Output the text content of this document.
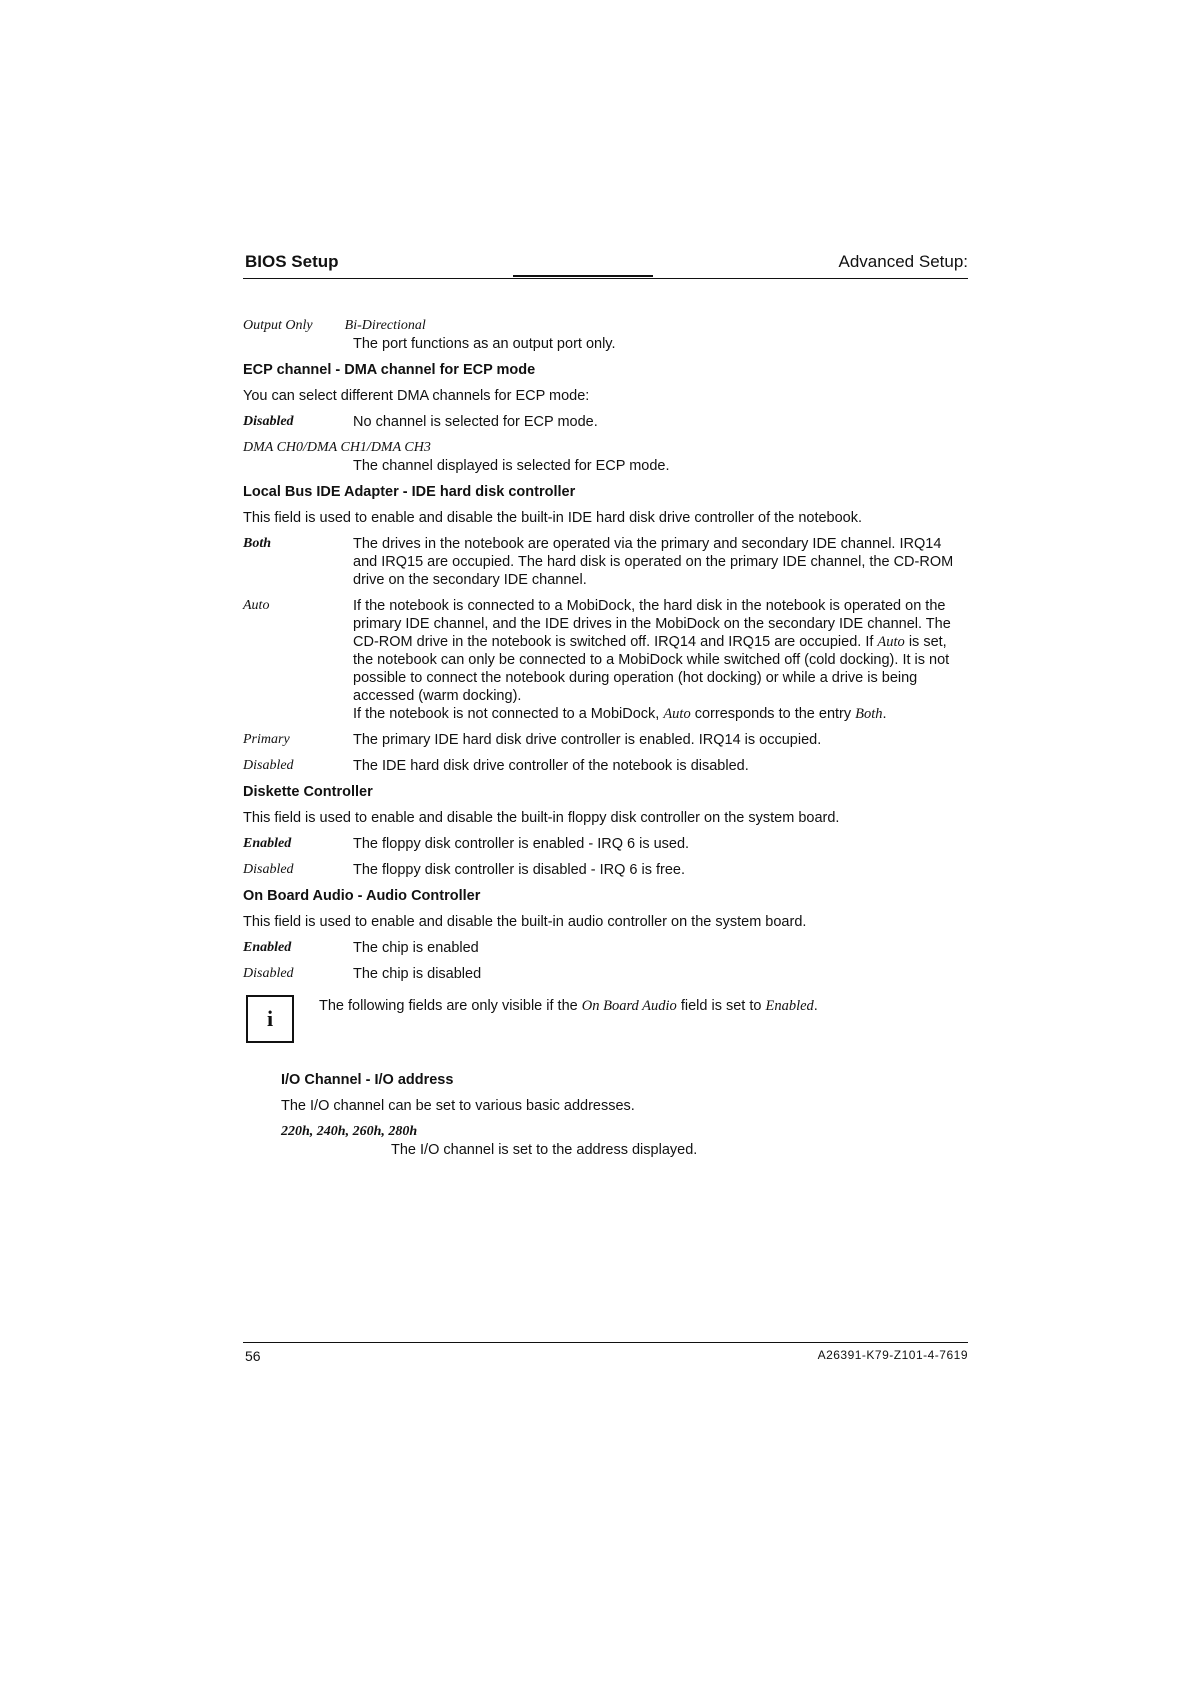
BIOS Setup	Advanced Setup:
Output Only Bi-Directional
The port functions as an output port only.
ECP channel - DMA channel for ECP mode
You can select different DMA channels for ECP mode:
Disabled	No channel is selected for ECP mode.
DMA CH0/DMA CH1/DMA CH3
The channel displayed is selected for ECP mode.
Local Bus IDE Adapter - IDE hard disk controller
This field is used to enable and disable the built-in IDE hard disk drive controller of the notebook.
Both	The drives in the notebook are operated via the primary and secondary IDE channel. IRQ14 and IRQ15 are occupied. The hard disk is operated on the primary IDE channel, the CD-ROM drive on the secondary IDE channel.
Auto	If the notebook is connected to a MobiDock, the hard disk in the notebook is operated on the primary IDE channel, and the IDE drives in the MobiDock on the secondary IDE channel. The CD-ROM drive in the notebook is switched off. IRQ14 and IRQ15 are occupied. If Auto is set, the notebook can only be connected to a MobiDock while switched off (cold docking). It is not possible to connect the notebook during operation (hot docking) or while a drive is being accessed (warm docking).
If the notebook is not connected to a MobiDock, Auto corresponds to the entry Both.
Primary	The primary IDE hard disk drive controller is enabled. IRQ14 is occupied.
Disabled	The IDE hard disk drive controller of the notebook is disabled.
Diskette Controller
This field is used to enable and disable the built-in floppy disk controller on the system board.
Enabled	The floppy disk controller is enabled - IRQ 6 is used.
Disabled	The floppy disk controller is disabled - IRQ 6 is free.
On Board Audio - Audio Controller
This field is used to enable and disable the built-in audio controller on the system board.
Enabled	The chip is enabled
Disabled	The chip is disabled
i	The following fields are only visible if the On Board Audio field is set to Enabled.
I/O Channel - I/O address
The I/O channel can be set to various basic addresses.
220h, 240h, 260h, 280h
The I/O channel is set to the address displayed.
56	A26391-K79-Z101-4-7619
